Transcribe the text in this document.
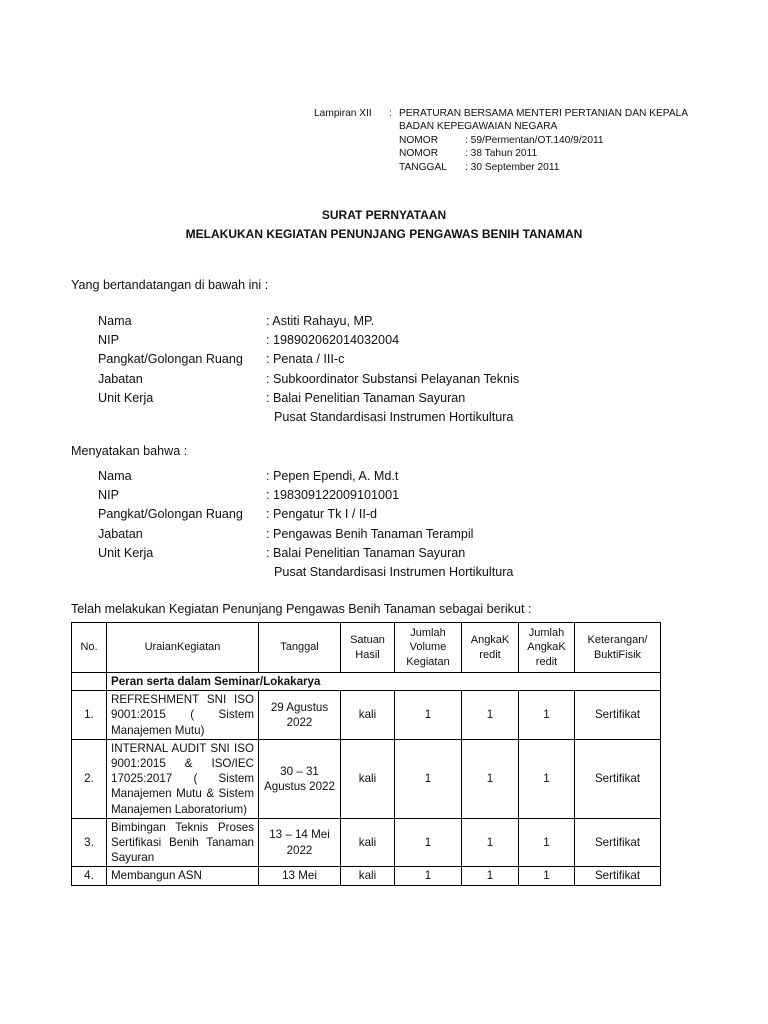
Lampiran XII	: PERATURAN BERSAMA MENTERI PERTANIAN DAN KEPALA
BADAN KEPEGAWAIAN NEGARA
NOMOR	: 59/Permentan/OT.140/9/2011
NOMOR	: 38 Tahun 2011
TANGGAL	: 30 September 2011
SURAT PERNYATAAN
MELAKUKAN KEGIATAN PENUNJANG PENGAWAS BENIH TANAMAN
Yang bertandatangan di bawah ini :
Nama	: Astiti Rahayu, MP.
NIP	: 198902062014032004
Pangkat/Golongan Ruang	: Penata / III-c
Jabatan	: Subkoordinator Substansi Pelayanan Teknis
Unit Kerja	: Balai Penelitian Tanaman Sayuran
Pusat Standardisasi Instrumen Hortikultura
Menyatakan bahwa :
Nama	: Pepen Ependi, A. Md.t
NIP	: 198309122009101001
Pangkat/Golongan Ruang	: Pengatur Tk I / II-d
Jabatan	: Pengawas Benih Tanaman Terampil
Unit Kerja	: Balai Penelitian Tanaman Sayuran
Pusat Standardisasi Instrumen Hortikultura
Telah melakukan Kegiatan Penunjang Pengawas Benih Tanaman sebagai berikut :
No.	UraianKegiatan	Tanggal	Satuan Hasil	Jumlah Volume Kegiatan	AngkaK redit	Jumlah AngkaK redit	Keterangan/ BuktiFisik
	Peran serta dalam Seminar/Lokakarya						
1.	REFRESHMENT SNI ISO 9001:2015 ( Sistem Manajemen Mutu)	29 Agustus 2022	kali	1	1	1	Sertifikat
2.	INTERNAL AUDIT SNI ISO 9001:2015 & ISO/IEC 17025:2017 ( Sistem Manajemen Mutu & Sistem Manajemen Laboratorium)	30 – 31 Agustus 2022	kali	1	1	1	Sertifikat
3.	Bimbingan Teknis Proses Sertifikasi Benih Tanaman Sayuran	13 – 14 Mei 2022	kali	1	1	1	Sertifikat
4.	Membangun ASN	13 Mei	kali	1	1	1	Sertifikat
